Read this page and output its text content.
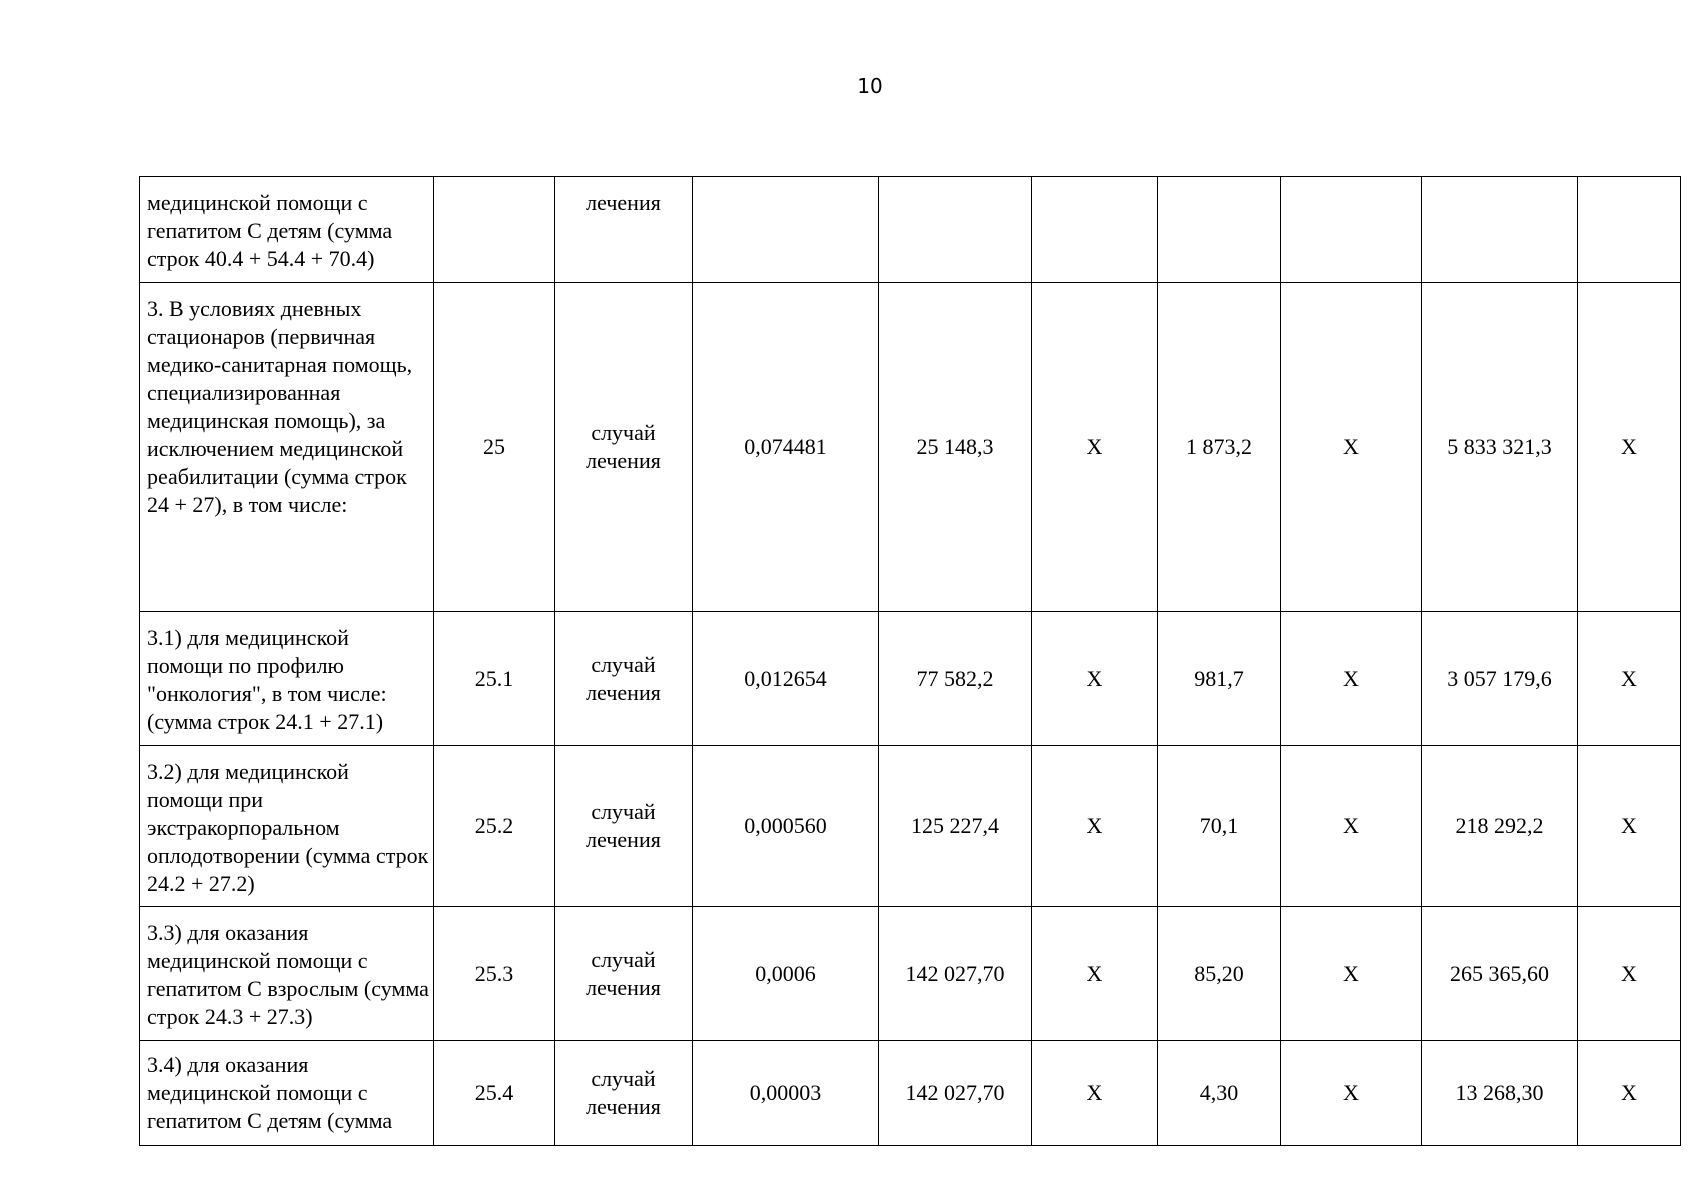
10
медицинской помощи с гепатитом С детям (сумма строк 40.4 + 54.4 + 70.4)		лечения							
3. В условиях дневных стационаров (первичная медико-санитарная помощь, специализированная медицинская помощь), за исключением медицинской реабилитации (сумма строк 24 + 27), в том числе:	25	случай лечения	0,074481	25 148,3	X	1 873,2	X	5 833 321,3	X
3.1) для медицинской помощи по профилю "онкология", в том числе: (сумма строк 24.1 + 27.1)	25.1	случай лечения	0,012654	77 582,2	X	981,7	X	3 057 179,6	X
3.2) для медицинской помощи при экстракорпоральном оплодотворении (сумма строк 24.2 + 27.2)	25.2	случай лечения	0,000560	125 227,4	X	70,1	X	218 292,2	X
3.3) для оказания медицинской помощи с гепатитом С взрослым (сумма строк 24.3 + 27.3)	25.3	случай лечения	0,0006	142 027,70	X	85,20	X	265 365,60	X
3.4) для оказания медицинской помощи с гепатитом С детям (сумма	25.4	случай лечения	0,00003	142 027,70	X	4,30	X	13 268,30	X
